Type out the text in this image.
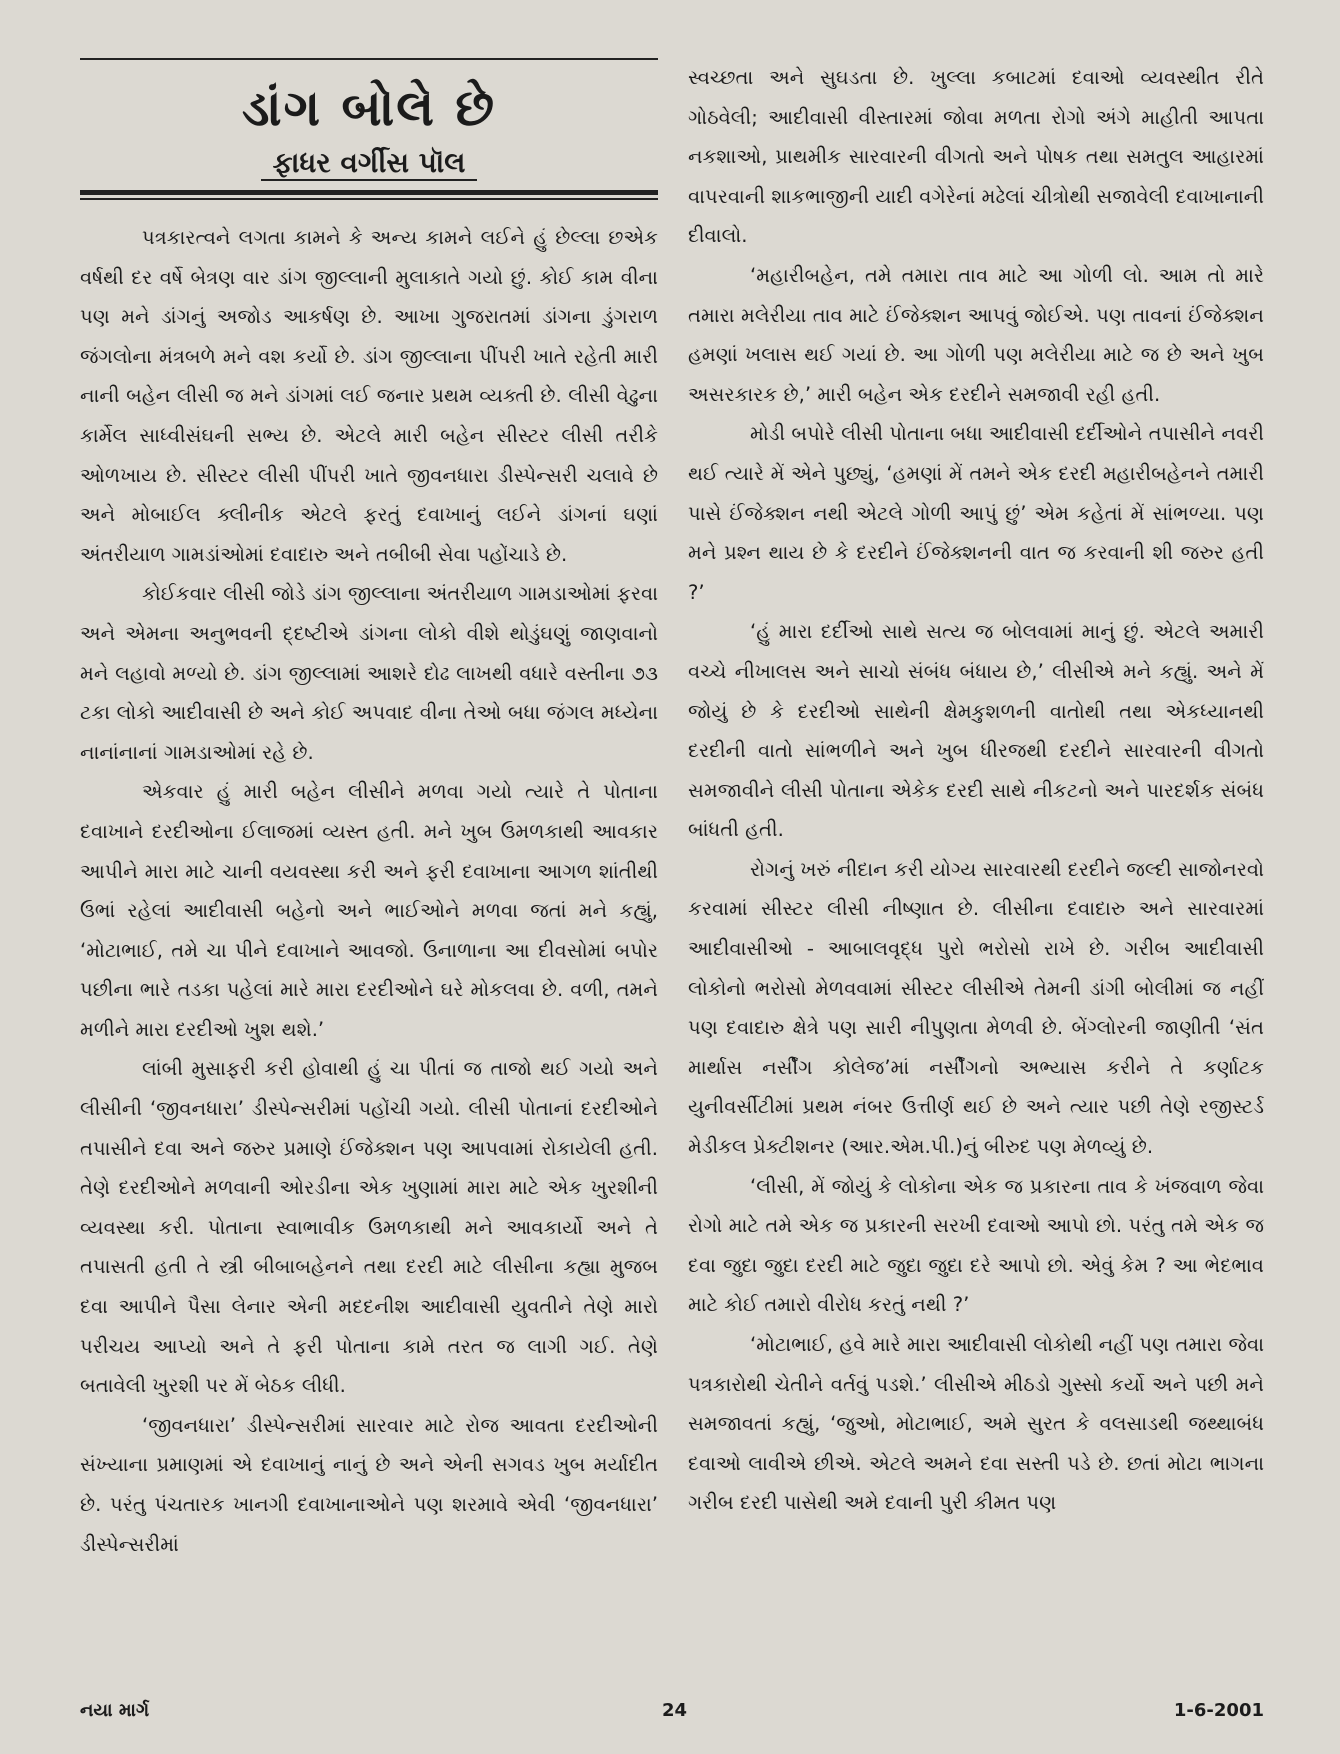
ડાંગ બોલે છે
ફાધર વર્ગીસ પૉલ

પત્રકારત્વને લગતા કામને કે અન્ય કામને લઈને હું છેલ્લા છએક વર્ષથી દર વર્ષે બેત્રણ વાર ડાંગ જીલ્લાની મુલાકાતે ગયો છું. કોઈ કામ વીના પણ મને ડાંગનું અજોડ આકર્ષણ છે. આખા ગુજરાતમાં ડાંગના ડુંગરાળ જંગલોના મંત્રબળે મને વશ કર્યો છે. ડાંગ જીલ્લાના પીંપરી ખાતે રહેતી મારી નાની બહેન લીસી જ મને ડાંગમાં લઈ જનાર પ્રથમ વ્યક્તી છે. લીસી વેઢુના કાર્મેલ સાધ્વીસંઘની સભ્ય છે. એટલે મારી બહેન સીસ્ટર લીસી તરીકે ઓળખાય છે. સીસ્ટર લીસી પીંપરી ખાતે જીવનધારા ડીસ્પેન્સરી ચલાવે છે અને મોબાઈલ ક્લીનીક એટલે ફરતું દવાખાનું લઈને ડાંગનાં ઘણાં અંતરીયાળ ગામડાંઓમાં દવાદારુ અને તબીબી સેવા પહોંચાડે છે.

કોઈકવાર લીસી જોડે ડાંગ જીલ્લાના અંતરીયાળ ગામડાઓમાં ફરવા અને એમના અનુભવની દ્દષ્ટીએ ડાંગના લોકો વીશે થોડુંઘણું જાણવાનો મને લહાવો મળ્યો છે. ડાંગ જીલ્લામાં આશરે દોઢ લાખથી વધારે વસ્તીના ૭૩ ટકા લોકો આદીવાસી છે અને કોઈ અપવાદ વીના તેઓ બધા જંગલ મધ્યેના નાનાંનાનાં ગામડાઓમાં રહે છે.

એકવાર હું મારી બહેન લીસીને મળવા ગયો ત્યારે તે પોતાના દવાખાને દરદીઓના ઈલાજમાં વ્યસ્ત હતી. મને ખુબ ઉમળકાથી આવકાર આપીને મારા માટે ચાની વયવસ્થા કરી અને ફરી દવાખાના આગળ શાંતીથી ઉભાં રહેલાં આદીવાસી બહેનો અને ભાઈઓને મળવા જતાં મને કહ્યું, ‘મોટાભાઈ, તમે ચા પીને દવાખાને આવજો. ઉનાળાના આ દીવસોમાં બપોર પછીના ભારે તડકા પહેલાં મારે મારા દરદીઓને ઘરે મોકલવા છે. વળી, તમને મળીને મારા દરદીઓ ખુશ થશે.’

લાંબી મુસાફરી કરી હોવાથી હું ચા પીતાં જ તાજો થઈ ગયો અને લીસીની ‘જીવનધારા’ ડીસ્પેન્સરીમાં પહોંચી ગયો. લીસી પોતાનાં દરદીઓને તપાસીને દવા અને જરુર પ્રમાણે ઈંજેક્શન પણ આપવામાં રોકાયેલી હતી. તેણે દરદીઓને મળવાની ઓરડીના એક ખુણામાં મારા માટે એક ખુરશીની વ્યવસ્થા કરી. પોતાના સ્વાભાવીક ઉમળકાથી મને આવકાર્યો અને તે તપાસતી હતી તે સ્ત્રી બીબાબહેનને તથા દરદી માટે લીસીના કહ્યા મુજબ દવા આપીને પૈસા લેનાર એની મદદનીશ આદીવાસી યુવતીને તેણે મારો પરીચય આપ્યો અને તે ફરી પોતાના કામે તરત જ લાગી ગઈ. તેણે બતાવેલી ખુરશી પર મેં બેઠક લીધી.

‘જીવનધારા’ ડીસ્પેન્સરીમાં સારવાર માટે રોજ આવતા દરદીઓની સંખ્યાના પ્રમાણમાં એ દવાખાનું નાનું છે અને એની સગવડ ખુબ મર્યાદીત છે. પરંતુ પંચતારક ખાનગી દવાખાનાઓને પણ શરમાવે એવી ‘જીવનધારા’ ડીસ્પેન્સરીમાં

સ્વચ્છતા અને સુઘડતા છે. ખુલ્લા કબાટમાં દવાઓ વ્યવસ્થીત રીતે ગોઠવેલી; આદીવાસી વીસ્તારમાં જોવા મળતા રોગો અંગે માહીતી આપતા નકશાઓ, પ્રાથમીક સારવારની વીગતો અને પોષક તથા સમતુલ આહારમાં વાપરવાની શાકભાજીની યાદી વગેરેનાં મઢેલાં ચીત્રોથી સજાવેલી દવાખાનાની દીવાલો.

‘મહારીબહેન, તમે તમારા તાવ માટે આ ગોળી લો. આમ તો મારે તમારા મલેરીયા તાવ માટે ઈંજેક્શન આપવું જોઈએ. પણ તાવનાં ઈંજેક્શન હમણાં ખલાસ થઈ ગયાં છે. આ ગોળી પણ મલેરીયા માટે જ છે અને ખુબ અસરકારક છે,’ મારી બહેન એક દરદીને સમજાવી રહી હતી.

મોડી બપોરે લીસી પોતાના બધા આદીવાસી દર્દીઓને તપાસીને નવરી થઈ ત્યારે મેં એને પુછ્યું, ‘હમણાં મેં તમને એક દરદી મહારીબહેનને તમારી પાસે ઈંજેક્શન નથી એટલે ગોળી આપું છું’ એમ કહેતાં મેં સાંભળ્યા. પણ મને પ્રશ્ન થાય છે કે દરદીને ઈંજેક્શનની વાત જ કરવાની શી જરુર હતી ?’

‘હું મારા દર્દીઓ સાથે સત્ય જ બોલવામાં માનું છું. એટલે અમારી વચ્ચે નીખાલસ અને સાચો સંબંધ બંધાય છે,’ લીસીએ મને કહ્યું. અને મેં જોયું છે કે દરદીઓ સાથેની ક્ષેમકુશળની વાતોથી તથા એકધ્યાનથી દરદીની વાતો સાંભળીને અને ખુબ ધીરજથી દરદીને સારવારની વીગતો સમજાવીને લીસી પોતાના એકેક દરદી સાથે નીકટનો અને પારદર્શક સંબંધ બાંધતી હતી.

રોગનું ખરું નીદાન કરી યોગ્ય સારવારથી દરદીને જલ્દી સાજોનરવો કરવામાં સીસ્ટર લીસી નીષ્ણાત છે. લીસીના દવાદારુ અને સારવારમાં આદીવાસીઓ - આબાલવૃદ્ધ પુરો ભરોસો રાખે છે. ગરીબ આદીવાસી લોકોનો ભરોસો મેળવવામાં સીસ્ટર લીસીએ તેમની ડાંગી બોલીમાં જ નહીં પણ દવાદારુ ક્ષેત્રે પણ સારી નીપુણતા મેળવી છે. બેંગ્લોરની જાણીતી ‘સંત માર્થાસ નર્સીંગ કોલેજ’માં નર્સીંગનો અભ્યાસ કરીને તે કર્ણાટક યુનીવર્સીટીમાં પ્રથમ નંબર ઉત્તીર્ણ થઈ છે અને ત્યાર પછી તેણે રજીસ્ટર્ડ મેડીકલ પ્રેક્ટીશનર (આર.એમ.પી.)નું બીરુદ પણ મેળવ્યું છે.

‘લીસી, મેં જોયું કે લોકોના એક જ પ્રકારના તાવ કે ખંજવાળ જેવા રોગો માટે તમે એક જ પ્રકારની સરખી દવાઓ આપો છો. પરંતુ તમે એક જ દવા જુદા જુદા દરદી માટે જુદા જુદા દરે આપો છો. એવું કેમ ? આ ભેદભાવ માટે કોઈ તમારો વીરોધ કરતું નથી ?’

‘મોટાભાઈ, હવે મારે મારા આદીવાસી લોકોથી નહીં પણ તમારા જેવા પત્રકારોથી ચેતીને વર્તવું પડશે.’ લીસીએ મીઠડો ગુસ્સો કર્યો અને પછી મને સમજાવતાં કહ્યું, ‘જુઓ, મોટાભાઈ, અમે સુરત કે વલસાડથી જથ્થાબંધ દવાઓ લાવીએ છીએ. એટલે અમને દવા સસ્તી પડે છે. છતાં મોટા ભાગના ગરીબ દરદી પાસેથી અમે દવાની પુરી કીમત પણ

નયા માર્ગ	24	1-6-2001
